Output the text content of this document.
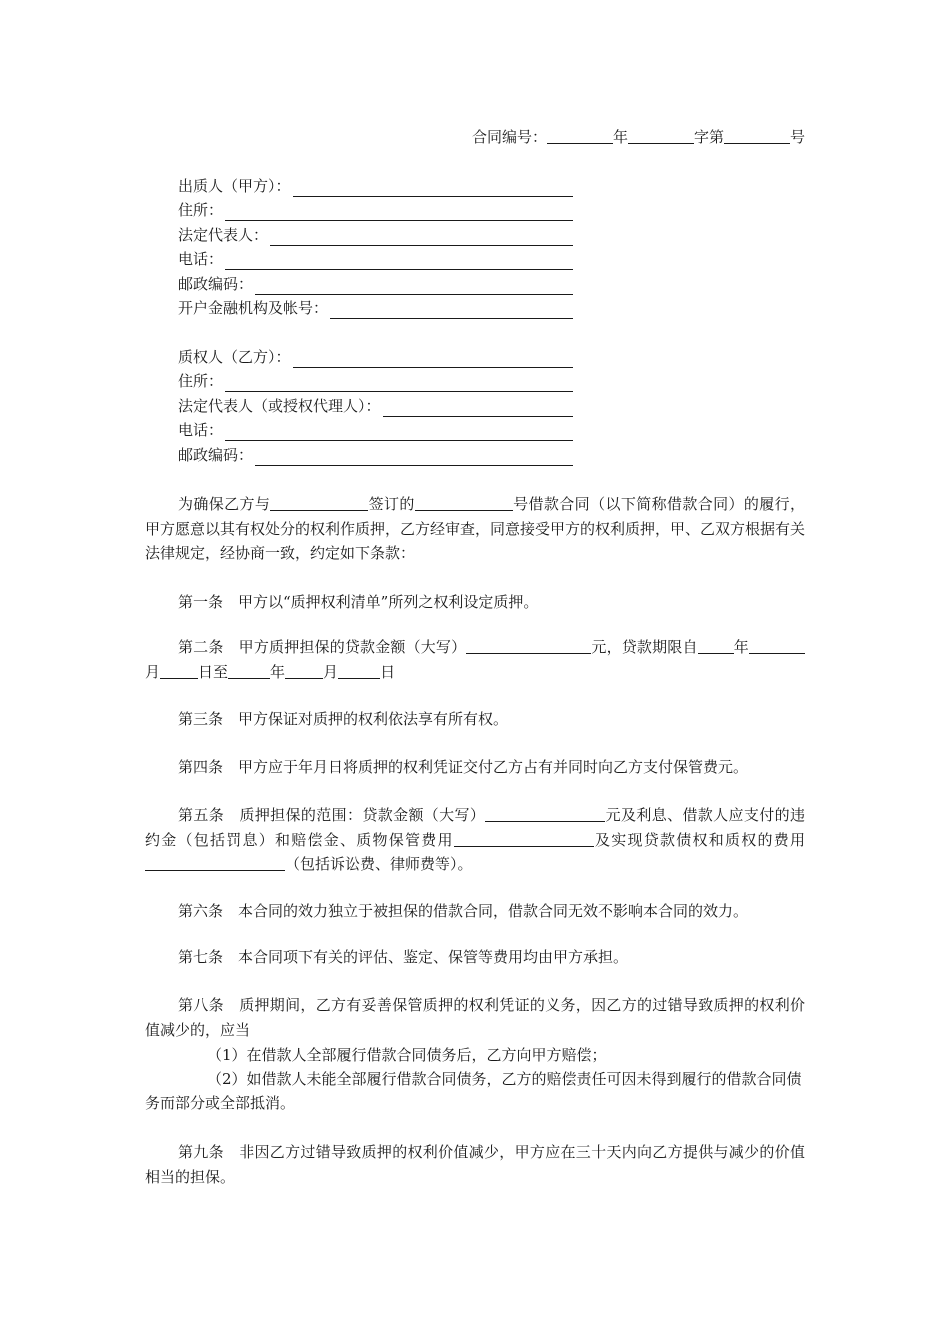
合同编号：	年	字第	号
出质人（甲方）：
住所：
法定代表人：
电话：
邮政编码：
开户金融机构及帐号：
质权人（乙方）：
住所：
法定代表人（或授权代理人）：
电话：
邮政编码：
为确保乙方与	签订的	号借款合同（以下简称借款合同）的履行，甲方愿意以其有权处分的权利作质押，乙方经审查，同意接受甲方的权利质押，甲、乙双方根据有关法律规定，经协商一致，约定如下条款：
第一条　甲方以“质押权利清单”所列之权利设定质押。
第二条　甲方质押担保的贷款金额（大写）	元，贷款期限自 年月	日至	年	月	日
第三条　甲方保证对质押的权利依法享有所有权。
第四条　甲方应于年月日将质押的权利凭证交付乙方占有并同时向乙方支付保管费元。
第五条　质押担保的范围：贷款金额（大写）	元及利息、借款人应支付的违约金（包括罚息）和赔偿金、质物保管费用	及实现贷款债权和质权的费用（包括诉讼费、律师费等）。
第六条　本合同的效力独立于被担保的借款合同，借款合同无效不影响本合同的效力。
第七条　本合同项下有关的评估、鉴定、保管等费用均由甲方承担。
第八条　质押期间，乙方有妥善保管质押的权利凭证的义务，因乙方的过错导致质押的权利价值减少的，应当
（1）在借款人全部履行借款合同债务后，乙方向甲方赔偿；
（2）如借款人未能全部履行借款合同债务，乙方的赔偿责任可因未得到履行的借款合同债务而部分或全部抵消。
第九条　非因乙方过错导致质押的权利价值减少，甲方应在三十天内向乙方提供与减少的价值相当的担保。
